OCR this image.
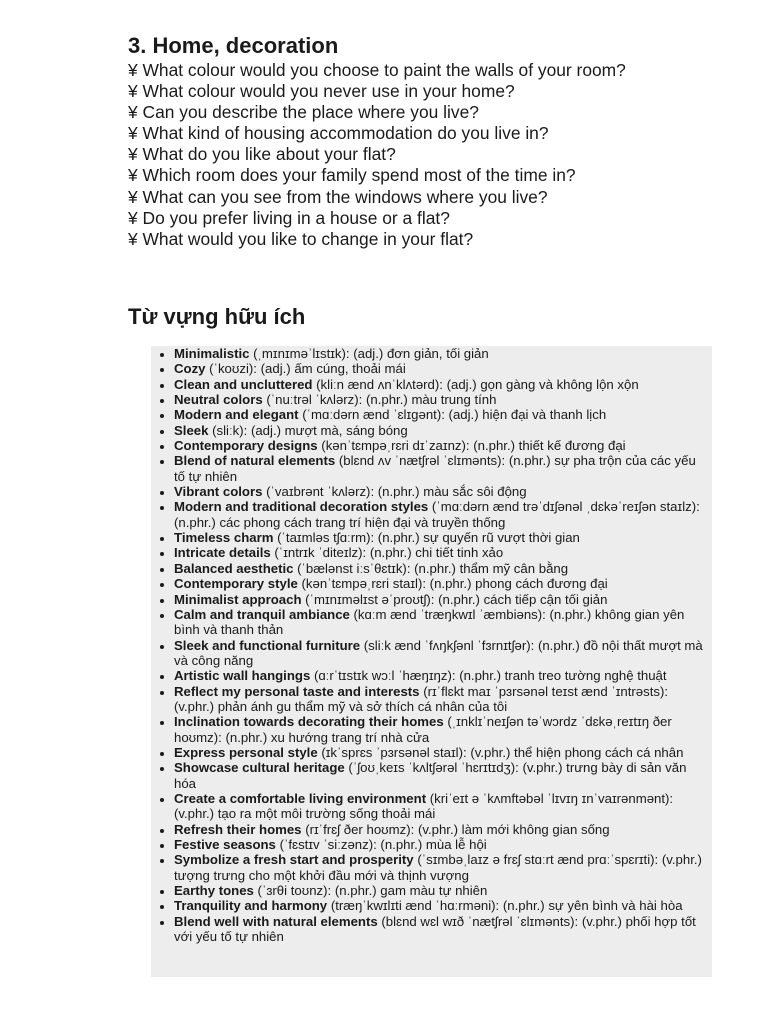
3. Home, decoration
¥ What colour would you choose to paint the walls of your room?
¥ What colour would you never use in your home?
¥ Can you describe the place where you live?
¥ What kind of housing accommodation do you live in?
¥ What do you like about your flat?
¥ Which room does your family spend most of the time in?
¥ What can you see from the windows where you live?
¥ Do you prefer living in a house or a flat?
¥ What would you like to change in your flat?
Từ vựng hữu ích
• Minimalistic (ˌmɪnɪməˈlɪstɪk): (adj.) đơn giản, tối giản
• Cozy (ˈkoʊzi): (adj.) ấm cúng, thoải mái
• Clean and uncluttered (kliːn ænd ʌnˈklʌtərd): (adj.) gọn gàng và không lộn xộn
• Neutral colors (ˈnuːtrəl ˈkʌlərz): (n.phr.) màu trung tính
• Modern and elegant (ˈmɑːdərn ænd ˈɛlɪgənt): (adj.) hiện đại và thanh lịch
• Sleek (sliːk): (adj.) mượt mà, sáng bóng
• Contemporary designs (kənˈtɛmpəˌrɛri dɪˈzaɪnz): (n.phr.) thiết kế đương đại
• Blend of natural elements (blɛnd ʌv ˈnætʃrəl ˈɛlɪmənts): (n.phr.) sự pha trộn của các yếu tố tự nhiên
• Vibrant colors (ˈvaɪbrənt ˈkʌlərz): (n.phr.) màu sắc sôi động
• Modern and traditional decoration styles (ˈmɑːdərn ænd trəˈdɪʃənəl ˌdɛkəˈreɪʃən staɪlz): (n.phr.) các phong cách trang trí hiện đại và truyền thống
• Timeless charm (ˈtaɪmləs tʃɑːrm): (n.phr.) sự quyến rũ vượt thời gian
• Intricate details (ˈɪntrɪk ˈditeɪlz): (n.phr.) chi tiết tinh xảo
• Balanced aesthetic (ˈbælənst iːsˈθɛtɪk): (n.phr.) thẩm mỹ cân bằng
• Contemporary style (kənˈtɛmpəˌrɛri staɪl): (n.phr.) phong cách đương đại
• Minimalist approach (ˈmɪnɪməlɪst əˈproʊtʃ): (n.phr.) cách tiếp cận tối giản
• Calm and tranquil ambiance (kɑːm ænd ˈtræŋkwɪl ˈæmbiəns): (n.phr.) không gian yên bình và thanh thản
• Sleek and functional furniture (sliːk ænd ˈfʌŋkʃənl ˈfɜrnɪtʃər): (n.phr.) đồ nội thất mượt mà và công năng
• Artistic wall hangings (ɑːrˈtɪstɪk wɔːl ˈhæŋɪŋz): (n.phr.) tranh treo tường nghệ thuật
• Reflect my personal taste and interests (rɪˈflɛkt maɪ ˈpɜrsənəl teɪst ænd ˈɪntrəsts): (v.phr.) phản ánh gu thẩm mỹ và sở thích cá nhân của tôi
• Inclination towards decorating their homes (ˌɪnklɪˈneɪʃən təˈwɔrdz ˈdɛkəˌreɪtɪŋ ðer hoʊmz): (n.phr.) xu hướng trang trí nhà cửa
• Express personal style (ɪkˈsprɛs ˈpɜrsənəl staɪl): (v.phr.) thể hiện phong cách cá nhân
• Showcase cultural heritage (ˈʃoʊˌkeɪs ˈkʌltʃərəl ˈhɛrɪtɪdʒ): (v.phr.) trưng bày di sản văn hóa
• Create a comfortable living environment (kriˈeɪt ə ˈkʌmftəbəl ˈlɪvɪŋ ɪnˈvaɪrənmənt): (v.phr.) tạo ra một môi trường sống thoải mái
• Refresh their homes (rɪˈfrɛʃ ðer hoʊmz): (v.phr.) làm mới không gian sống
• Festive seasons (ˈfɛstɪv ˈsiːzənz): (n.phr.) mùa lễ hội
• Symbolize a fresh start and prosperity (ˈsɪmbəˌlaɪz ə frɛʃ stɑːrt ænd prɑːˈspɛrɪti): (v.phr.) tượng trưng cho một khởi đầu mới và thịnh vượng
• Earthy tones (ˈɜrθi toʊnz): (n.phr.) gam màu tự nhiên
• Tranquility and harmony (træŋˈkwɪlɪti ænd ˈhɑːrməni): (n.phr.) sự yên bình và hài hòa
• Blend well with natural elements (blɛnd wɛl wɪð ˈnætʃrəl ˈɛlɪmənts): (v.phr.) phối hợp tốt với yếu tố tự nhiên
